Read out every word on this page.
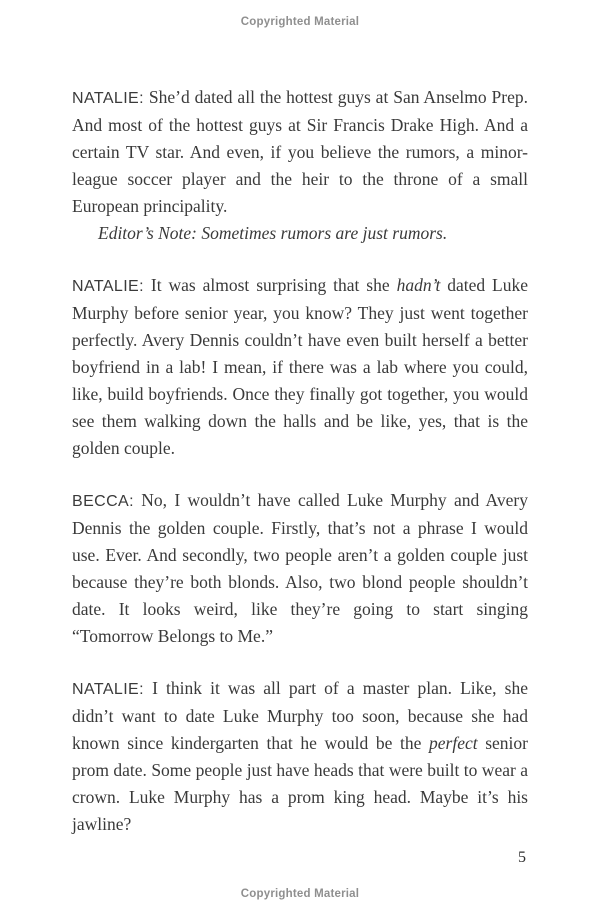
Copyrighted Material

NATALIE: She’d dated all the hottest guys at San Anselmo Prep. And most of the hottest guys at Sir Francis Drake High. And a certain TV star. And even, if you believe the rumors, a minor-league soccer player and the heir to the throne of a small European principality.

Editor’s Note: Sometimes rumors are just rumors.

NATALIE: It was almost surprising that she hadn’t dated Luke Murphy before senior year, you know? They just went together perfectly. Avery Dennis couldn’t have even built herself a better boyfriend in a lab! I mean, if there was a lab where you could, like, build boyfriends. Once they finally got together, you would see them walking down the halls and be like, yes, that is the golden couple.

BECCA: No, I wouldn’t have called Luke Murphy and Avery Dennis the golden couple. Firstly, that’s not a phrase I would use. Ever. And secondly, two people aren’t a golden couple just because they’re both blonds. Also, two blond people shouldn’t date. It looks weird, like they’re going to start singing “Tomorrow Belongs to Me.”

NATALIE: I think it was all part of a master plan. Like, she didn’t want to date Luke Murphy too soon, because she had known since kindergarten that he would be the perfect senior prom date. Some people just have heads that were built to wear a crown. Luke Murphy has a prom king head. Maybe it’s his jawline?

5
Copyrighted Material
